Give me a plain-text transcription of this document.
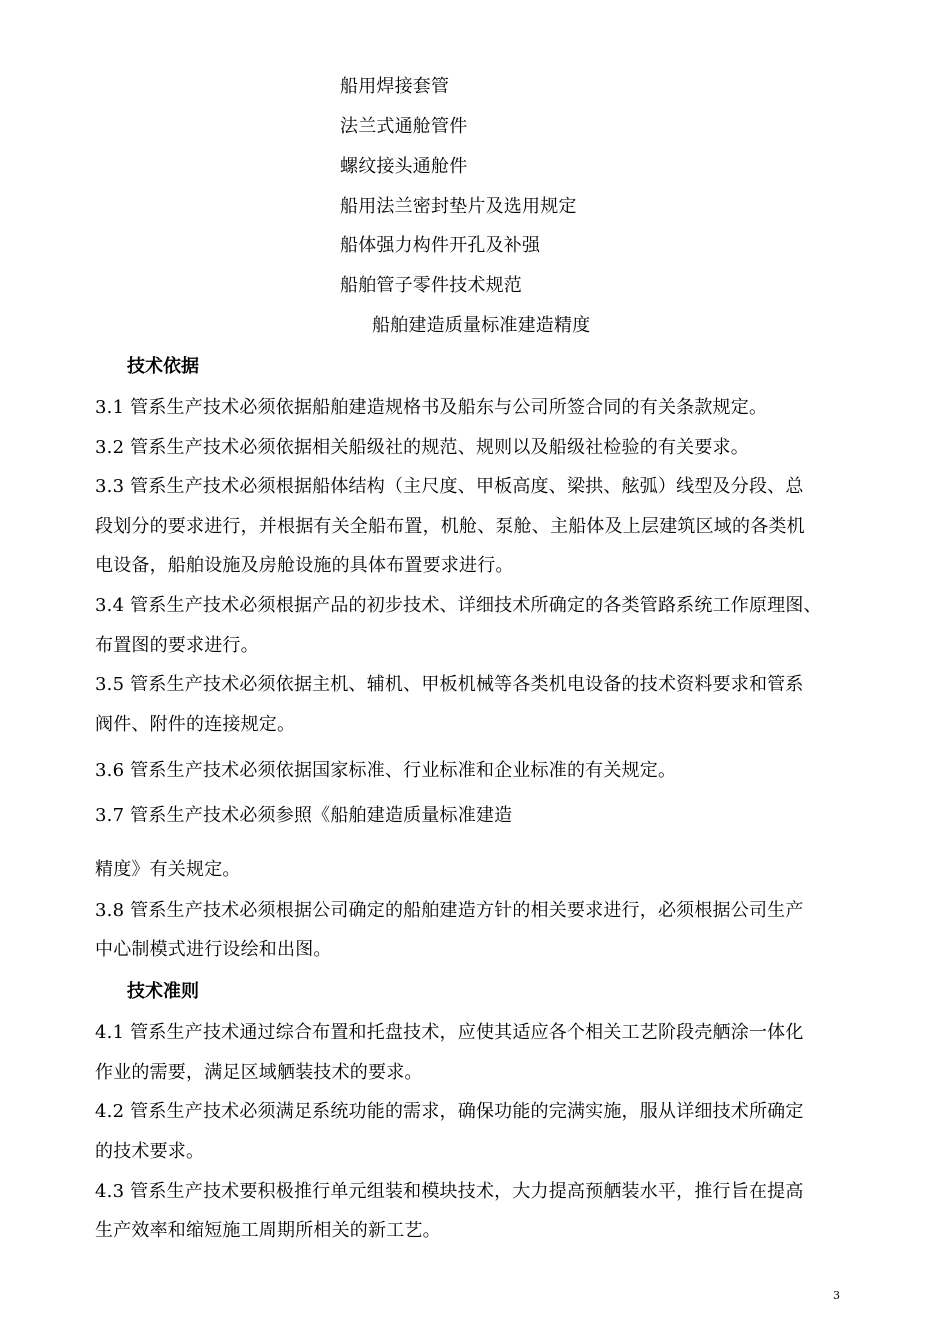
船用焊接套管
法兰式通舱管件
螺纹接头通舱件
船用法兰密封垫片及选用规定
船体强力构件开孔及补强
船舶管子零件技术规范
船舶建造质量标准建造精度
技术依据
3.1 管系生产技术必须依据船舶建造规格书及船东与公司所签合同的有关条款规定。
3.2 管系生产技术必须依据相关船级社的规范、规则以及船级社检验的有关要求。
3.3 管系生产技术必须根据船体结构（主尺度、甲板高度、梁拱、舷弧）线型及分段、总
段划分的要求进行，并根据有关全船布置，机舱、泵舱、主船体及上层建筑区域的各类机
电设备，船舶设施及房舱设施的具体布置要求进行。
3.4 管系生产技术必须根据产品的初步技术、详细技术所确定的各类管路系统工作原理图、
布置图的要求进行。
3.5 管系生产技术必须依据主机、辅机、甲板机械等各类机电设备的技术资料要求和管系
阀件、附件的连接规定。
3.6 管系生产技术必须依据国家标准、行业标准和企业标准的有关规定。
3.7 管系生产技术必须参照《船舶建造质量标准建造
精度》有关规定。
3.8 管系生产技术必须根据公司确定的船舶建造方针的相关要求进行，必须根据公司生产
中心制模式进行设绘和出图。
技术准则
4.1 管系生产技术通过综合布置和托盘技术，应使其适应各个相关工艺阶段壳舾涂一体化
作业的需要，满足区域舾装技术的要求。
4.2 管系生产技术必须满足系统功能的需求，确保功能的完满实施，服从详细技术所确定
的技术要求。
4.3 管系生产技术要积极推行单元组装和模块技术，大力提高预舾装水平，推行旨在提高
生产效率和缩短施工周期所相关的新工艺。
3
